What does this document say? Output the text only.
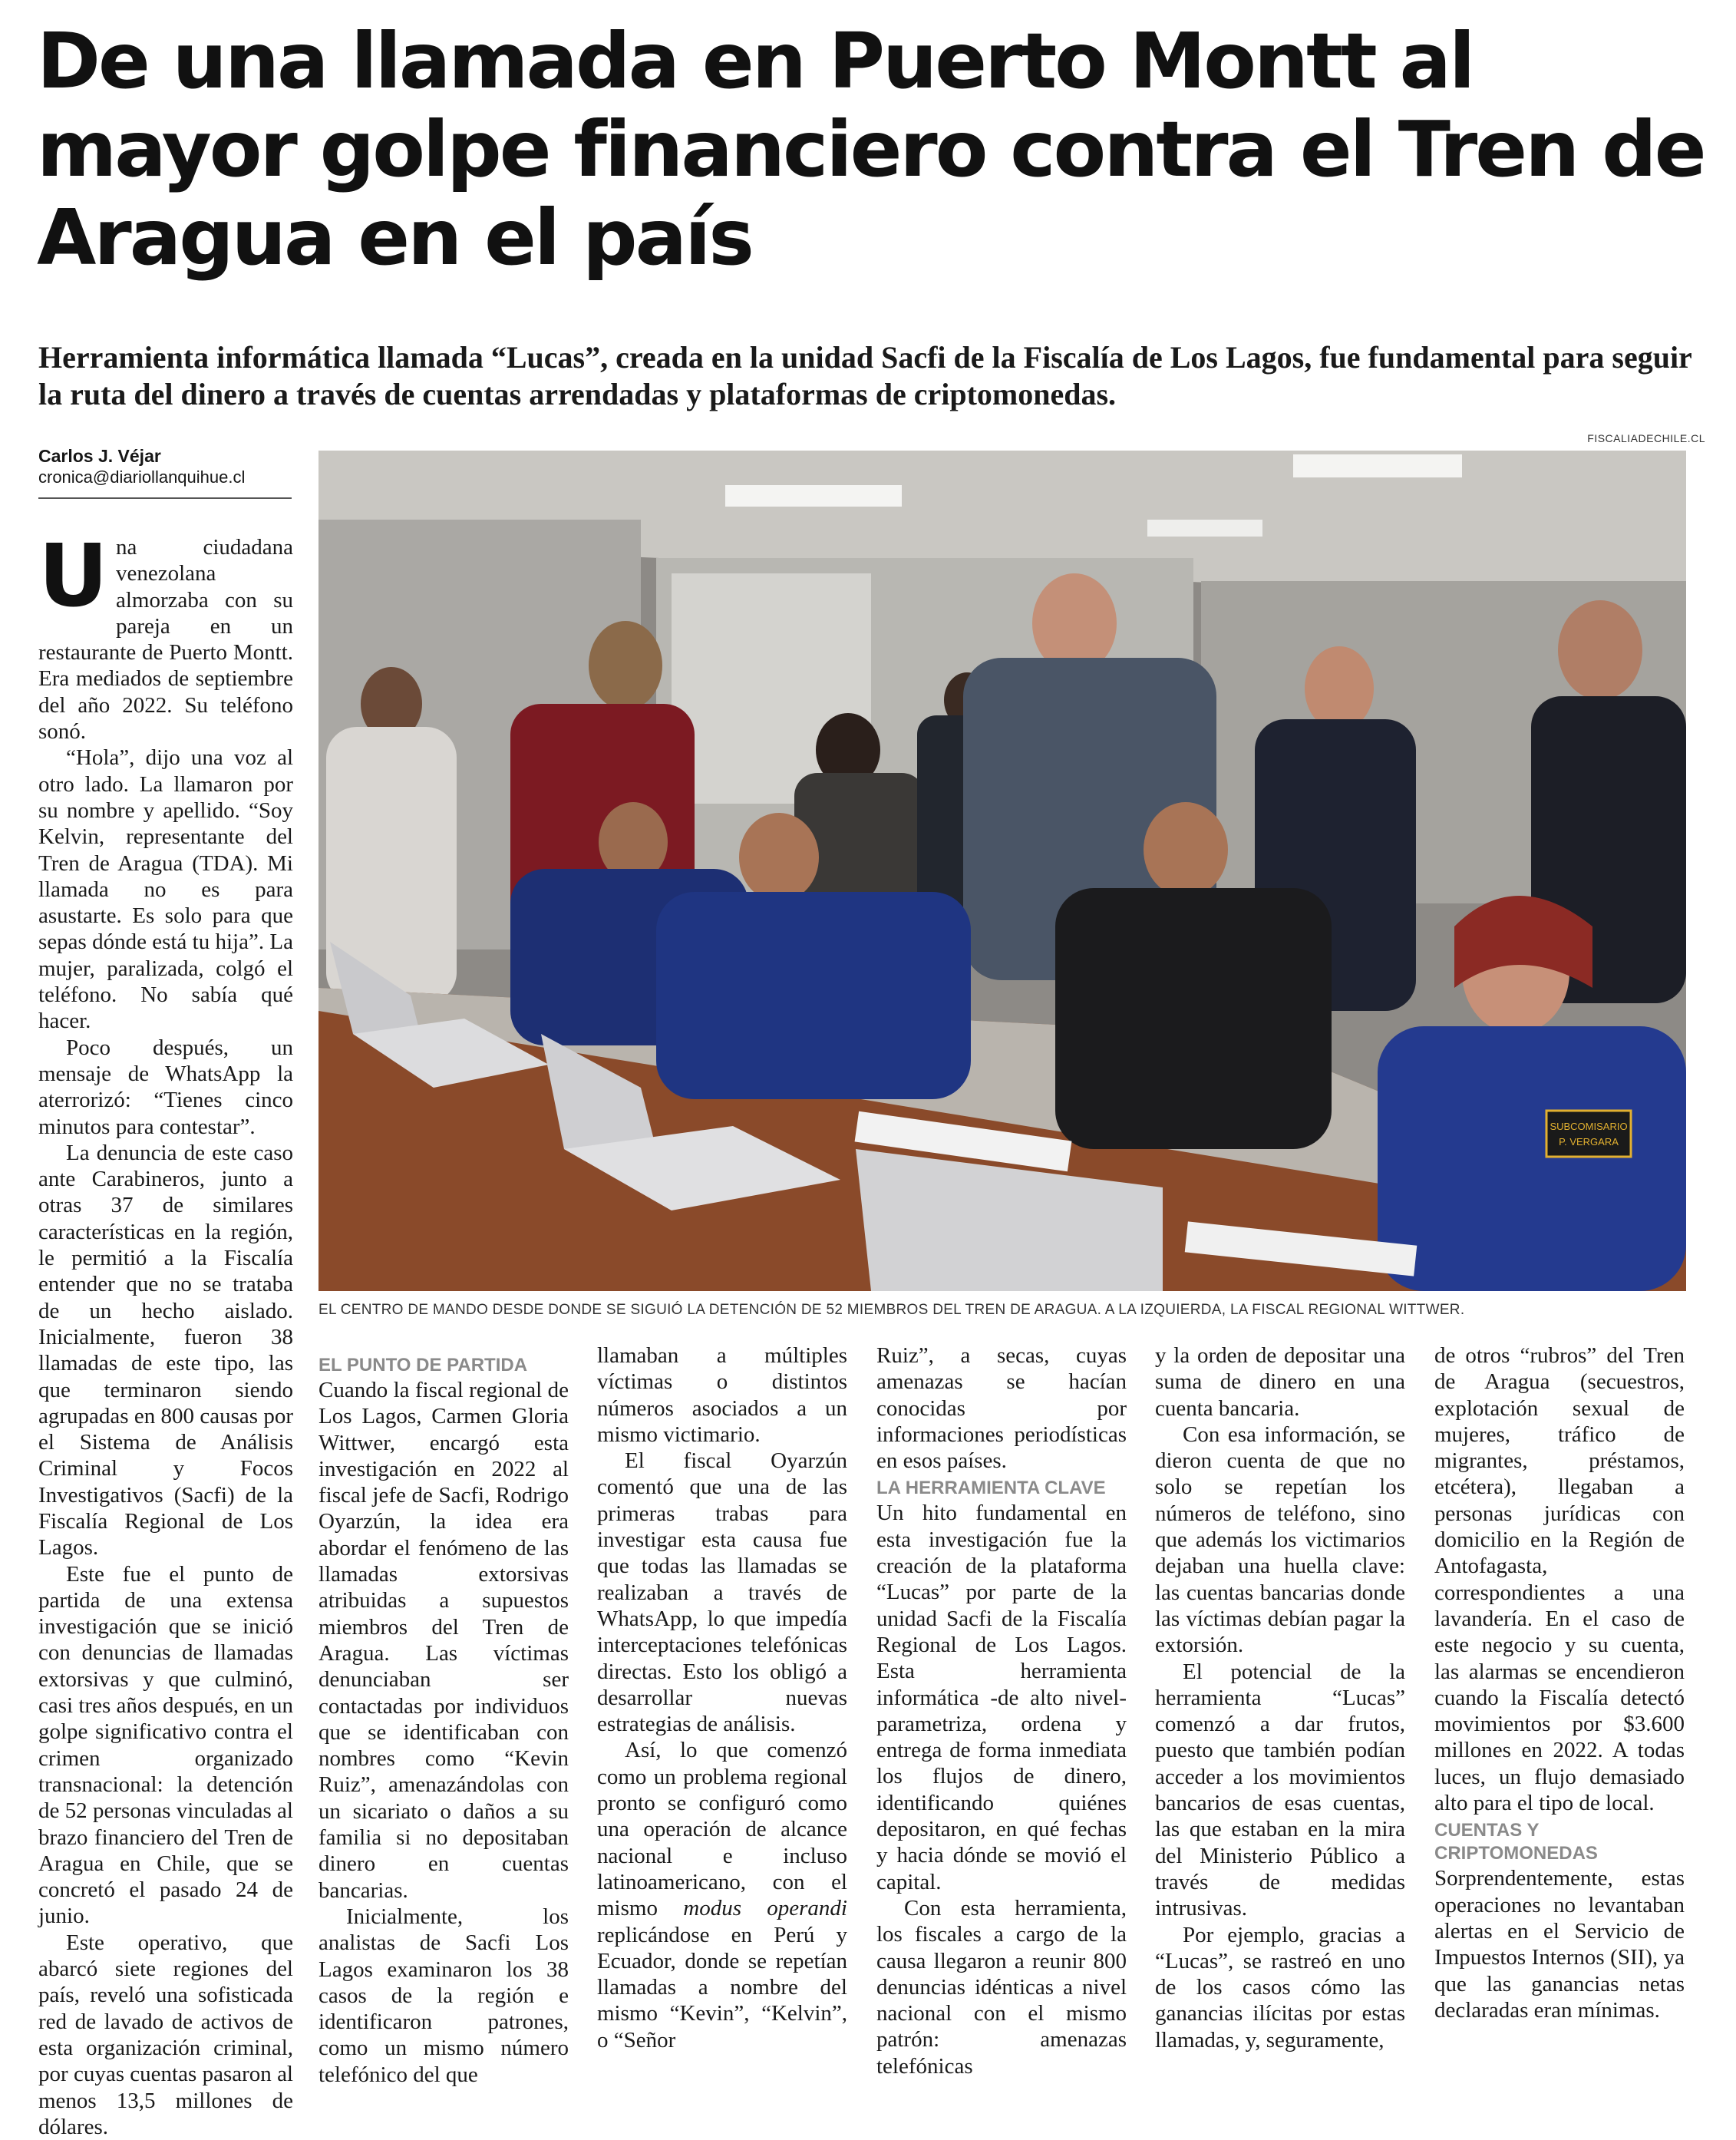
De una llamada en Puerto Montt al mayor golpe financiero contra el Tren de Aragua en el país

Herramienta informática llamada “Lucas”, creada en la unidad Sacfi de la Fiscalía de Los Lagos, fue fundamental para seguir la ruta del dinero a través de cuentas arrendadas y plataformas de criptomonedas.

Carlos J. Véjar
cronica@diariollanquihue.cl
FISCALIADECHILE.CL
SUBCOMISARIO
P. VERGARA
EL CENTRO DE MANDO DESDE DONDE SE SIGUIÓ LA DETENCIÓN DE 52 MIEMBROS DEL TREN DE ARAGUA. A LA IZQUIERDA, LA FISCAL REGIONAL WITTWER.

Una ciudadana venezolana almorzaba con su pareja en un restaurante de Puerto Montt. Era mediados de septiembre del año 2022. Su teléfono sonó.

“Hola”, dijo una voz al otro lado. La llamaron por su nombre y apellido. “Soy Kelvin, representante del Tren de Aragua (TDA). Mi llamada no es para asustarte. Es solo para que sepas dónde está tu hija”. La mujer, paralizada, colgó el teléfono. No sabía qué hacer.

Poco después, un mensaje de WhatsApp la aterrorizó: “Tienes cinco minutos para contestar”.

La denuncia de este caso ante Carabineros, junto a otras 37 de similares características en la región, le permitió a la Fiscalía entender que no se trataba de un hecho aislado. Inicialmente, fueron 38 llamadas de este tipo, las que terminaron siendo agrupadas en 800 causas por el Sistema de Análisis Criminal y Focos Investigativos (Sacfi) de la Fiscalía Regional de Los Lagos.

Este fue el punto de partida de una extensa investigación que se inició con denuncias de llamadas extorsivas y que culminó, casi tres años después, en un golpe significativo contra el crimen organizado transnacional: la detención de 52 personas vinculadas al brazo financiero del Tren de Aragua en Chile, que se concretó el pasado 24 de junio.

Este operativo, que abarcó siete regiones del país, reveló una sofisticada red de lavado de activos de esta organización criminal, por cuyas cuentas pasaron al menos 13,5 millones de dólares.

EL PUNTO DE PARTIDA

Cuando la fiscal regional de Los Lagos, Carmen Gloria Wittwer, encargó esta investigación en 2022 al fiscal jefe de Sacfi, Rodrigo Oyarzún, la idea era abordar el fenómeno de las llamadas extorsivas atribuidas a supuestos miembros del Tren de Aragua. Las víctimas denunciaban ser contactadas por individuos que se identificaban con nombres como “Kevin Ruiz”, amenazándolas con un sicariato o daños a su familia si no depositaban dinero en cuentas bancarias.

Inicialmente, los analistas de Sacfi Los Lagos examinaron los 38 casos de la región e identificaron patrones, como un mismo número telefónico del que

llamaban a múltiples víctimas o distintos números asociados a un mismo victimario.

El fiscal Oyarzún comentó que una de las primeras trabas para investigar esta causa fue que todas las llamadas se realizaban a través de WhatsApp, lo que impedía interceptaciones telefónicas directas. Esto los obligó a desarrollar nuevas estrategias de análisis.

Así, lo que comenzó como un problema regional pronto se configuró como una operación de alcance nacional e incluso latinoamericano, con el mismo modus operandi replicándose en Perú y Ecuador, donde se repetían llamadas a nombre del mismo “Kevin”, “Kelvin”, o “Señor

Ruiz”, a secas, cuyas amenazas se hacían conocidas por informaciones periodísticas en esos países.

LA HERRAMIENTA CLAVE

Un hito fundamental en esta investigación fue la creación de la plataforma “Lucas” por parte de la unidad Sacfi de la Fiscalía Regional de Los Lagos. Esta herramienta informática -de alto nivel- parametriza, ordena y entrega de forma inmediata los flujos de dinero, identificando quiénes depositaron, en qué fechas y hacia dónde se movió el capital.

Con esta herramienta, los fiscales a cargo de la causa llegaron a reunir 800 denuncias idénticas a nivel nacional con el mismo patrón: amenazas telefónicas

y la orden de depositar una suma de dinero en una cuenta bancaria.

Con esa información, se dieron cuenta de que no solo se repetían los números de teléfono, sino que además los victimarios dejaban una huella clave: las cuentas bancarias donde las víctimas debían pagar la extorsión.

El potencial de la herramienta “Lucas” comenzó a dar frutos, puesto que también podían acceder a los movimientos bancarios de esas cuentas, las que estaban en la mira del Ministerio Público a través de medidas intrusivas.

Por ejemplo, gracias a “Lucas”, se rastreó en uno de los casos cómo las ganancias ilícitas por estas llamadas, y, seguramente,

de otros “rubros” del Tren de Aragua (secuestros, explotación sexual de mujeres, tráfico de migrantes, préstamos, etcétera), llegaban a personas jurídicas con domicilio en la Región de Antofagasta, correspondientes a una lavandería. En el caso de este negocio y su cuenta, las alarmas se encendieron cuando la Fiscalía detectó movimientos por $3.600 millones en 2022. A todas luces, un flujo demasiado alto para el tipo de local.

CUENTAS Y CRIPTOMONEDAS

Sorprendentemente, estas operaciones no levantaban alertas en el Servicio de Impuestos Internos (SII), ya que las ganancias netas declaradas eran mínimas.
